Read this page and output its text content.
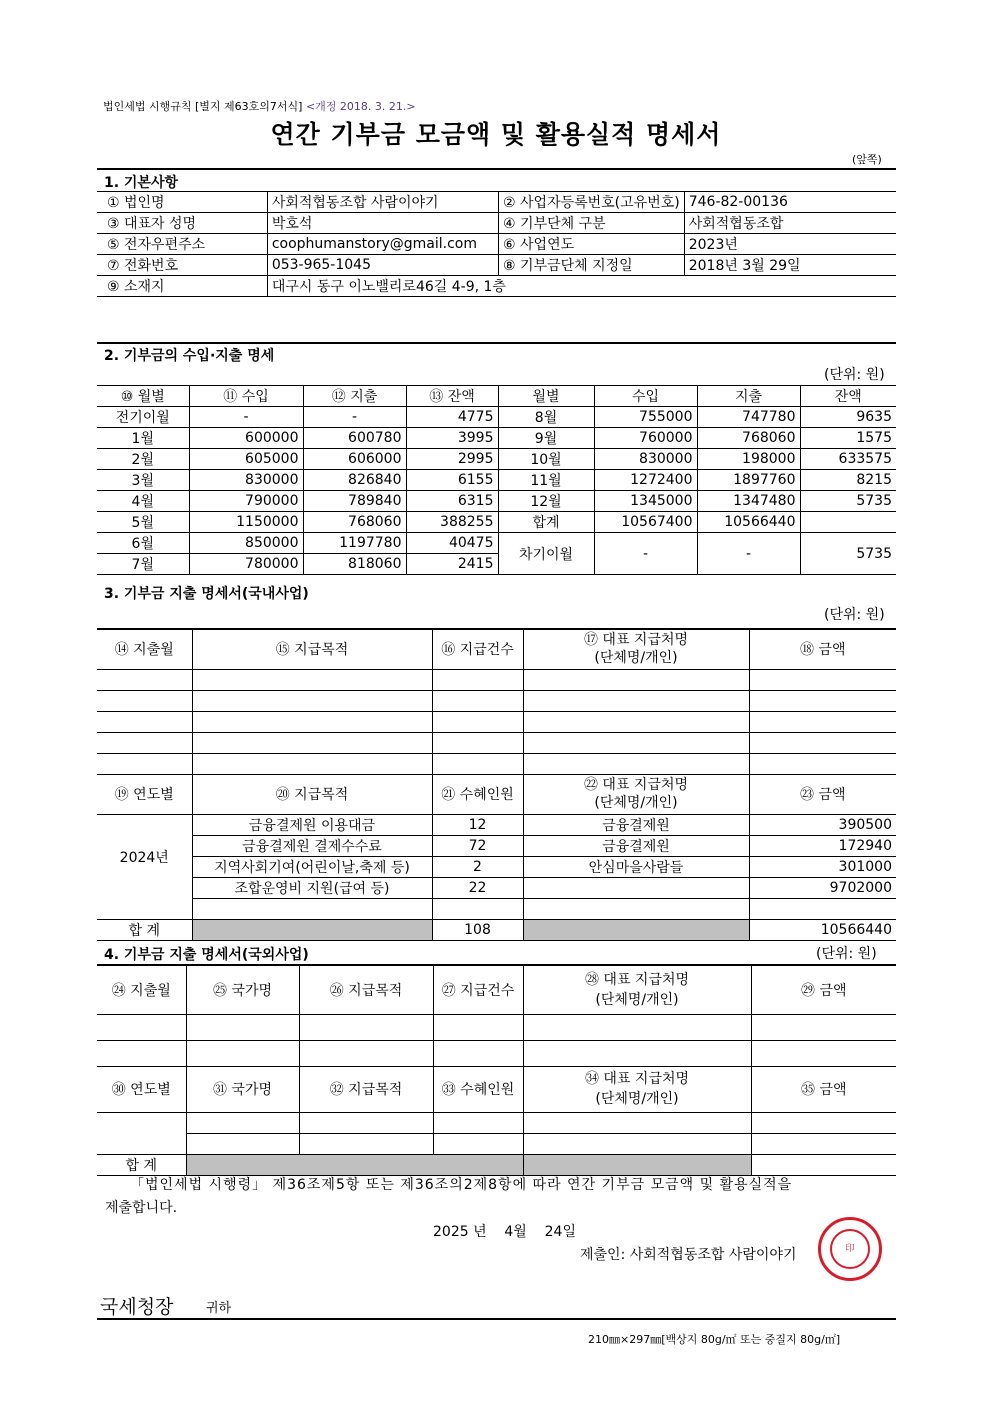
법인세법 시행규칙 [별지 제63호의7서식] <개정 2018. 3. 21.>
연간 기부금 모금액 및 활용실적 명세서
(앞쪽)
1. 기본사항
① 법인명	사회적협동조합 사람이야기	② 사업자등록번호(고유번호)	746-82-00136
③ 대표자 성명	박호석	④ 기부단체 구분	사회적협동조합
⑤ 전자우편주소	coophumanstory@gmail.com	⑥ 사업연도	2023년
⑦ 전화번호	053-965-1045	⑧ 기부금단체 지정일	2018년 3월 29일
⑨ 소재지	대구시 동구 이노밸리로46길 4-9, 1층		
2. 기부금의 수입·지출 명세
(단위: 원)
⑩ 월별	⑪ 수입	⑫ 지출	⑬ 잔액	월별	수입	지출	잔액
전기이월	-	-	4775	8월	755000	747780	9635
1월	600000	600780	3995	9월	760000	768060	1575
2월	605000	606000	2995	10월	830000	198000	633575
3월	830000	826840	6155	11월	1272400	1897760	8215
4월	790000	789840	6315	12월	1345000	1347480	5735
5월	1150000	768060	388255	합계	10567400	10566440	
6월	850000	1197780	40475	차기이월	-	-	5735
7월	780000	818060	2415				
3. 기부금 지출 명세서(국내사업)
(단위: 원)
⑭ 지출월	⑮ 지급목적	⑯ 지급건수	⑰ 대표 지급처명
(단체명/개인)	⑱ 금액

⑲ 연도별	⑳ 지급목적	㉑ 수혜인원	㉒ 대표 지급처명
(단체명/개인)	㉓ 금액
2024년	금융결제원 이용대금	12	금융결제원	390500
	금융결제원 결제수수료	72	금융결제원	172940
	지역사회기여(어린이날,축제 등)	2	안심마을사람들	301000
	조합운영비 지원(급여 등)	22		9702000

합 계		108		10566440
4. 기부금 지출 명세서(국외사업)	(단위: 원)
㉔ 지출월	㉕ 국가명	㉖ 지급목적	㉗ 지급건수	㉘ 대표 지급처명
(단체명/개인)	㉙ 금액

㉚ 연도별	㉛ 국가명	㉜ 지급목적	㉝ 수혜인원	㉞ 대표 지급처명
(단체명/개인)	㉟ 금액

합 계					
「법인세법 시행령」 제36조제5항 또는 제36조의2제8항에 따라 연간 기부금 모금액 및 활용실적을
제출합니다.
2025 년    4월    24일
제출인: 사회적협동조합 사람이야기	印
국세청장	귀하
210㎜×297㎜[백상지 80g/㎡ 또는 중질지 80g/㎡]
